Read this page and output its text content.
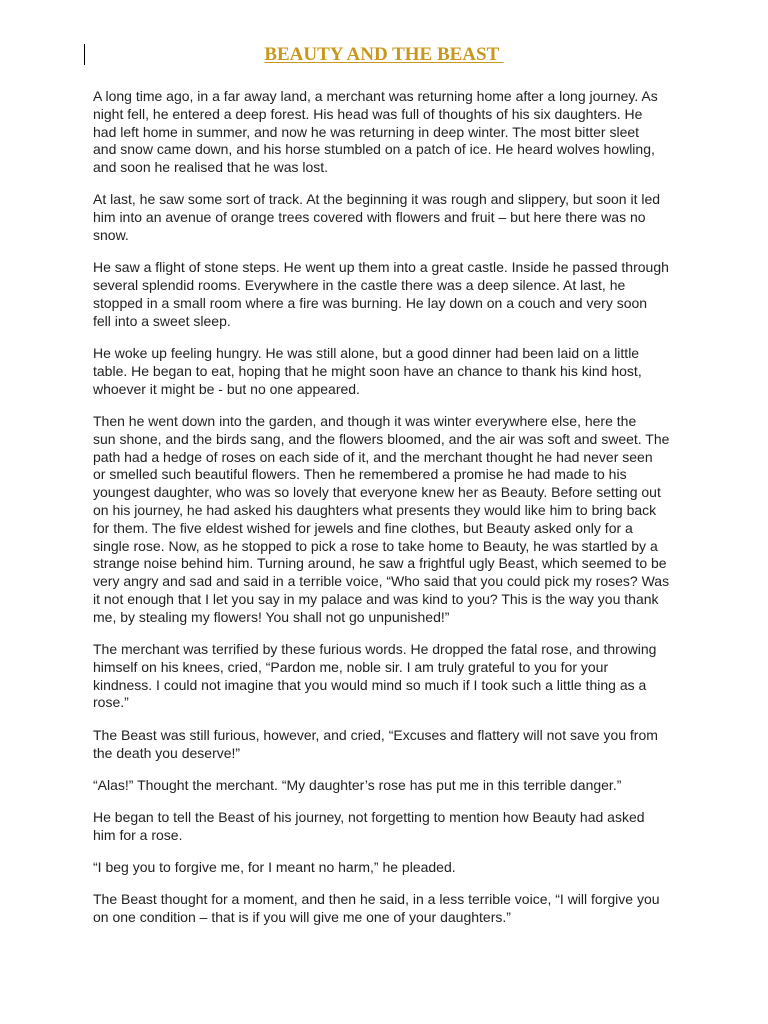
BEAUTY AND THE BEAST
A long time ago, in a far away land, a merchant was returning home after a long journey. As
night fell, he entered a deep forest. His head was full of thoughts of his six daughters. He
had left home in summer, and now he was returning in deep winter. The most bitter sleet
and snow came down, and his horse stumbled on a patch of ice. He heard wolves howling,
and soon he realised that he was lost.
At last, he saw some sort of track. At the beginning it was rough and slippery, but soon it led
him into an avenue of orange trees covered with flowers and fruit – but here there was no
snow.
He saw a flight of stone steps. He went up them into a great castle. Inside he passed through
several splendid rooms. Everywhere in the castle there was a deep silence. At last, he
stopped in a small room where a fire was burning. He lay down on a couch and very soon
fell into a sweet sleep.
He woke up feeling hungry. He was still alone, but a good dinner had been laid on a little
table. He began to eat, hoping that he might soon have an chance to thank his kind host,
whoever it might be - but no one appeared.
Then he went down into the garden, and though it was winter everywhere else, here the
sun shone, and the birds sang, and the flowers bloomed, and the air was soft and sweet. The
path had a hedge of roses on each side of it, and the merchant thought he had never seen
or smelled such beautiful flowers. Then he remembered a promise he had made to his
youngest daughter, who was so lovely that everyone knew her as Beauty. Before setting out
on his journey, he had asked his daughters what presents they would like him to bring back
for them. The five eldest wished for jewels and fine clothes, but Beauty asked only for a
single rose. Now, as he stopped to pick a rose to take home to Beauty, he was startled by a
strange noise behind him. Turning around, he saw a frightful ugly Beast, which seemed to be
very angry and sad and said in a terrible voice, “Who said that you could pick my roses? Was
it not enough that I let you say in my palace and was kind to you? This is the way you thank
me, by stealing my flowers! You shall not go unpunished!”
The merchant was terrified by these furious words. He dropped the fatal rose, and throwing
himself on his knees, cried, “Pardon me, noble sir. I am truly grateful to you for your
kindness. I could not imagine that you would mind so much if I took such a little thing as a
rose.”
The Beast was still furious, however, and cried, “Excuses and flattery will not save you from
the death you deserve!”
“Alas!” Thought the merchant. “My daughter’s rose has put me in this terrible danger.”
He began to tell the Beast of his journey, not forgetting to mention how Beauty had asked
him for a rose.
“I beg you to forgive me, for I meant no harm,” he pleaded.
The Beast thought for a moment, and then he said, in a less terrible voice, “I will forgive you
on one condition – that is if you will give me one of your daughters.”
